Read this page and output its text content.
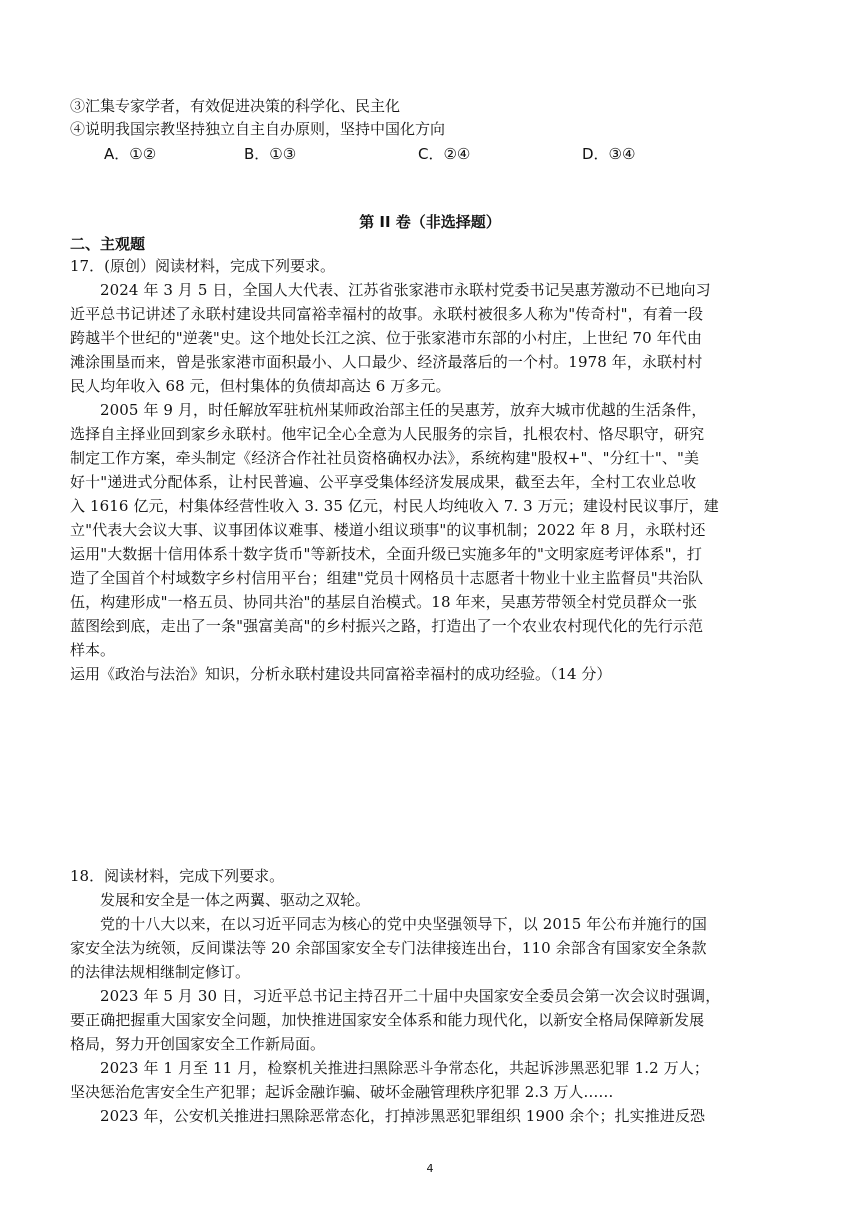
③汇集专家学者，有效促进决策的科学化、民主化
④说明我国宗教坚持独立自主自办原则，坚持中国化方向
A．①②	B．①③	C．②④	D．③④
第 II 卷（非选择题）
二、主观题
17．(原创）阅读材料，完成下列要求。
2024 年 3 月 5 日，全国人大代表、江苏省张家港市永联村党委书记吴惠芳激动不已地向习
近平总书记讲述了永联村建设共同富裕幸福村的故事。永联村被很多人称为"传奇村"，有着一段
跨越半个世纪的"逆袭"史。这个地处长江之滨、位于张家港市东部的小村庄，上世纪 70 年代由
滩涂围垦而来，曾是张家港市面积最小、人口最少、经济最落后的一个村。1978 年，永联村村
民人均年收入 68 元，但村集体的负债却高达 6 万多元。
2005 年 9 月，时任解放军驻杭州某师政治部主任的吴惠芳，放弃大城市优越的生活条件，
选择自主择业回到家乡永联村。他牢记全心全意为人民服务的宗旨，扎根农村、恪尽职守，研究
制定工作方案，牵头制定《经济合作社社员资格确权办法》，系统构建"股权+"、"分红十"、"美
好十"递进式分配体系，让村民普遍、公平享受集体经济发展成果，截至去年，全村工农业总收
入 1616 亿元，村集体经营性收入 3. 35 亿元，村民人均纯收入 7. 3 万元；建设村民议事厅，建
立"代表大会议大事、议事团体议难事、楼道小组议琐事"的议事机制；2022 年 8 月，永联村还
运用"大数据十信用体系十数字货币"等新技术，全面升级已实施多年的"文明家庭考评体系"，打
造了全国首个村域数字乡村信用平台；组建"党员十网格员十志愿者十物业十业主监督员"共治队
伍，构建形成"一格五员、协同共治"的基层自治模式。18 年来，吴惠芳带领全村党员群众一张
蓝图绘到底，走出了一条"强富美高"的乡村振兴之路，打造出了一个农业农村现代化的先行示范
样本。
运用《政治与法治》知识，分析永联村建设共同富裕幸福村的成功经验。（14 分）
18．阅读材料，完成下列要求。
发展和安全是一体之两翼、驱动之双轮。
党的十八大以来，在以习近平同志为核心的党中央坚强领导下，以 2015 年公布并施行的国
家安全法为统领，反间谍法等 20 余部国家安全专门法律接连出台，110 余部含有国家安全条款
的法律法规相继制定修订。
2023 年 5 月 30 日，习近平总书记主持召开二十届中央国家安全委员会第一次会议时强调，
要正确把握重大国家安全问题，加快推进国家安全体系和能力现代化，以新安全格局保障新发展
格局，努力开创国家安全工作新局面。
2023 年 1 月至 11 月，检察机关推进扫黑除恶斗争常态化，共起诉涉黑恶犯罪 1.2 万人；
坚决惩治危害安全生产犯罪；起诉金融诈骗、破坏金融管理秩序犯罪 2.3 万人……
2023 年，公安机关推进扫黑除恶常态化，打掉涉黑恶犯罪组织 1900 余个；扎实推进反恐
4
